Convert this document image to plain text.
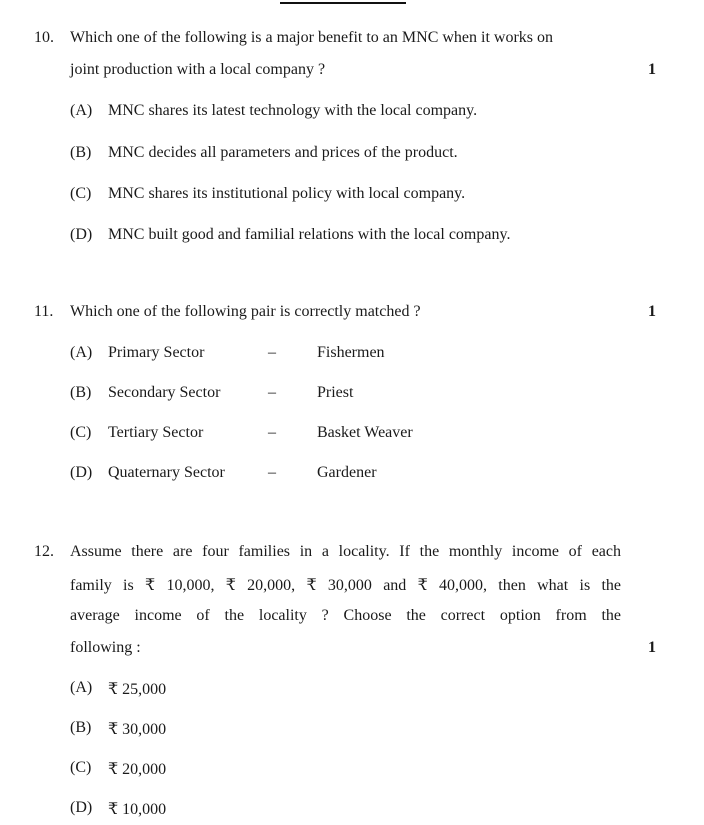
10. Which one of the following is a major benefit to an MNC when it works on
joint production with a local company ?	1
(A) MNC shares its latest technology with the local company.
(B) MNC decides all parameters and prices of the product.
(C) MNC shares its institutional policy with local company.
(D) MNC built good and familial relations with the local company.
11. Which one of the following pair is correctly matched ?	1
(A) Primary Sector	–	Fishermen
(B) Secondary Sector	–	Priest
(C) Tertiary Sector	–	Basket Weaver
(D) Quaternary Sector	–	Gardener
12. Assume there are four families in a locality. If the monthly income of each
family is ₹ 10,000, ₹ 20,000, ₹ 30,000 and ₹ 40,000, then what is the
average income of the locality ? Choose the correct option from the
following :	1
(A) ₹ 25,000
(B) ₹ 30,000
(C) ₹ 20,000
(D) ₹ 10,000
